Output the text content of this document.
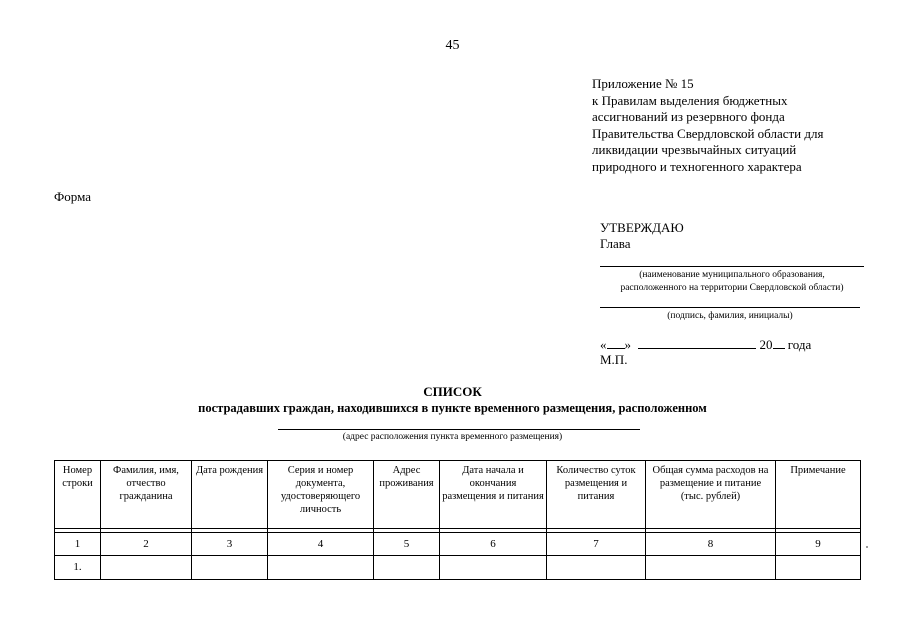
45
Приложение № 15
к Правилам выделения бюджетных
ассигнований из резервного фонда
Правительства Свердловской области для
ликвидации чрезвычайных ситуаций
природного и техногенного характера
Форма
УТВЕРЖДАЮ
Глава
(наименование муниципального образования,
расположенного на территории Свердловской области)
(подпись, фамилия, инициалы)
« »	20 года
М.П.
СПИСОК
пострадавших граждан, находившихся в пункте временного размещения, расположенном
(адрес расположения пункта временного размещения)
Номер строки	Фамилия, имя, отчество гражданина	Дата рождения	Серия и номер документа, удостоверяющего личность	Адрес проживания	Дата начала и окончания размещения и питания	Количество суток размещения и питания	Общая сумма расходов на размещение и питание (тыс. рублей)	Примечание

1	2	3	4	5	6	7	8	9
1.								
